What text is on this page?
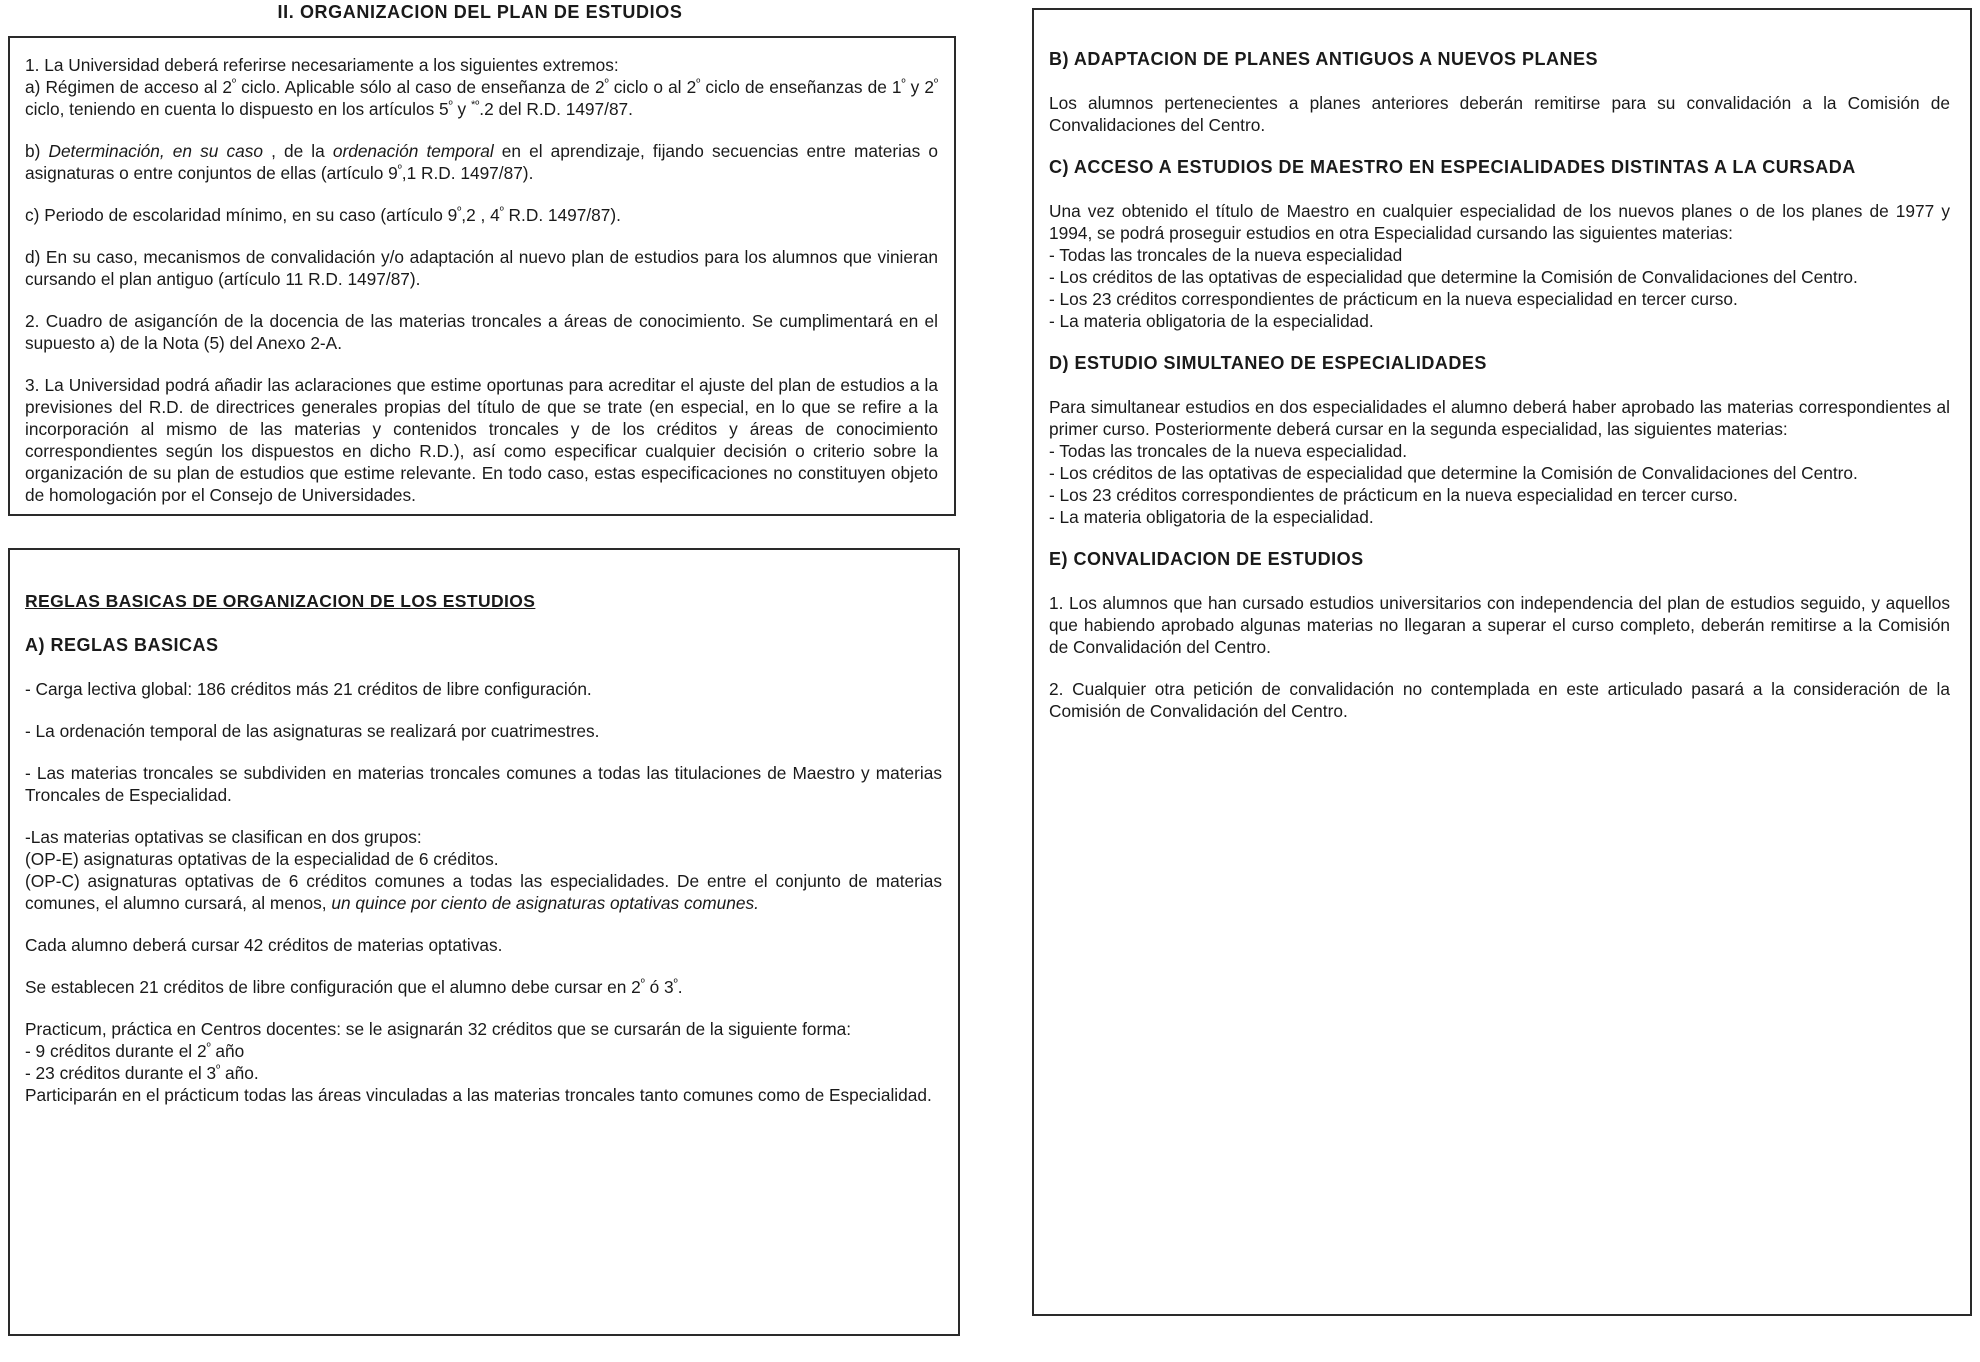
II. ORGANIZACION DEL PLAN DE ESTUDIOS

1. La Universidad deberá referirse necesariamente a los siguientes extremos:
a) Régimen de acceso al $2^º$ ciclo. Aplicable sólo al caso de enseñanza de $2^º$ ciclo o al $2^º$ ciclo de enseñanzas de $1^º$ y $2^º$ ciclo, teniendo en cuenta lo dispuesto en los artículos $5^º$ y $^{*º}$.2 del R.D. 1497/87.

b) Determinación, en su caso , de la ordenación temporal en el aprendizaje, fijando secuencias entre materias o asignaturas o entre conjuntos de ellas (artículo $9^º,1$ R.D. 1497/87).

c) Periodo de escolaridad mínimo, en su caso (artículo $9^º,2$ , $4^º$ R.D. 1497/87).

d) En su caso, mecanismos de convalidación y/o adaptación al nuevo plan de estudios para los alumnos que vinieran cursando el plan antiguo (artículo 11 R.D. 1497/87).

2. Cuadro de asigancíón de la docencia de las materias troncales a áreas de conocimiento. Se cumplimentará en el supuesto a) de la Nota (5) del Anexo 2-A.

3. La Universidad podrá añadir las aclaraciones que estime oportunas para acreditar el ajuste del plan de estudios a la previsiones del R.D. de directrices generales propias del título de que se trate (en especial, en lo que se refire a la incorporación al mismo de las materias y contenidos troncales y de los créditos y áreas de conocimiento correspondientes según los dispuestos en dicho R.D.), así como especificar cualquier decisión o criterio sobre la organización de su plan de estudios que estime relevante. En todo caso, estas especificaciones no constituyen objeto de homologación por el Consejo de Universidades.

REGLAS BASICAS DE ORGANIZACION DE LOS ESTUDIOS
A) REGLAS BASICAS

- Carga lectiva global: 186 créditos más 21 créditos de libre configuración.

- La ordenación temporal de las asignaturas se realizará por cuatrimestres.

- Las materias troncales se subdividen en materias troncales comunes a todas las titulaciones de Maestro y materias Troncales de Especialidad.

-Las materias optativas se clasifican en dos grupos:
(OP-E) asignaturas optativas de la especialidad de 6 créditos.
(OP-C) asignaturas optativas de 6 créditos comunes a todas las especialidades. De entre el conjunto de materias comunes, el alumno cursará, al menos, un quince por ciento de asignaturas optativas comunes.

Cada alumno deberá cursar 42 créditos de materias optativas.

Se establecen 21 créditos de libre configuración que el alumno debe cursar en $2^º$ ó $3^º$.

Practicum, práctica en Centros docentes: se le asignarán 32 créditos que se cursarán de la siguiente forma:
- 9 créditos durante el $2^º$ año
- 23 créditos durante el $3^º$ año.
Participarán en el prácticum todas las áreas vinculadas a las materias troncales tanto comunes como de Especialidad.

B) ADAPTACION DE PLANES ANTIGUOS A NUEVOS PLANES

Los alumnos pertenecientes a planes anteriores deberán remitirse para su convalidación a la Comisión de Convalidaciones del Centro.

C) ACCESO A ESTUDIOS DE MAESTRO EN ESPECIALIDADES DISTINTAS A LA CURSADA

Una vez obtenido el título de Maestro en cualquier especialidad de los nuevos planes o de los planes de 1977 y 1994, se podrá proseguir estudios en otra Especialidad cursando las siguientes materias:
- Todas las troncales de la nueva especialidad
- Los créditos de las optativas de especialidad que determine la Comisión de Convalidaciones del Centro.
- Los 23 créditos correspondientes de prácticum en la nueva especialidad en tercer curso.
- La materia obligatoria de la especialidad.

D) ESTUDIO SIMULTANEO DE ESPECIALIDADES

Para simultanear estudios en dos especialidades el alumno deberá haber aprobado las materias correspondientes al primer curso. Posteriormente deberá cursar en la segunda especialidad, las siguientes materias:
- Todas las troncales de la nueva especialidad.
- Los créditos de las optativas de especialidad que determine la Comisión de Convalidaciones del Centro.
- Los 23 créditos correspondientes de prácticum en la nueva especialidad en tercer curso.
- La materia obligatoria de la especialidad.

E) CONVALIDACION DE ESTUDIOS

1. Los alumnos que han cursado estudios universitarios con independencia del plan de estudios seguido, y aquellos que habiendo aprobado algunas materias no llegaran a superar el curso completo, deberán remitirse a la Comisión de Convalidación del Centro.

2. Cualquier otra petición de convalidación no contemplada en este articulado pasará a la consideración de la Comisión de Convalidación del Centro.
